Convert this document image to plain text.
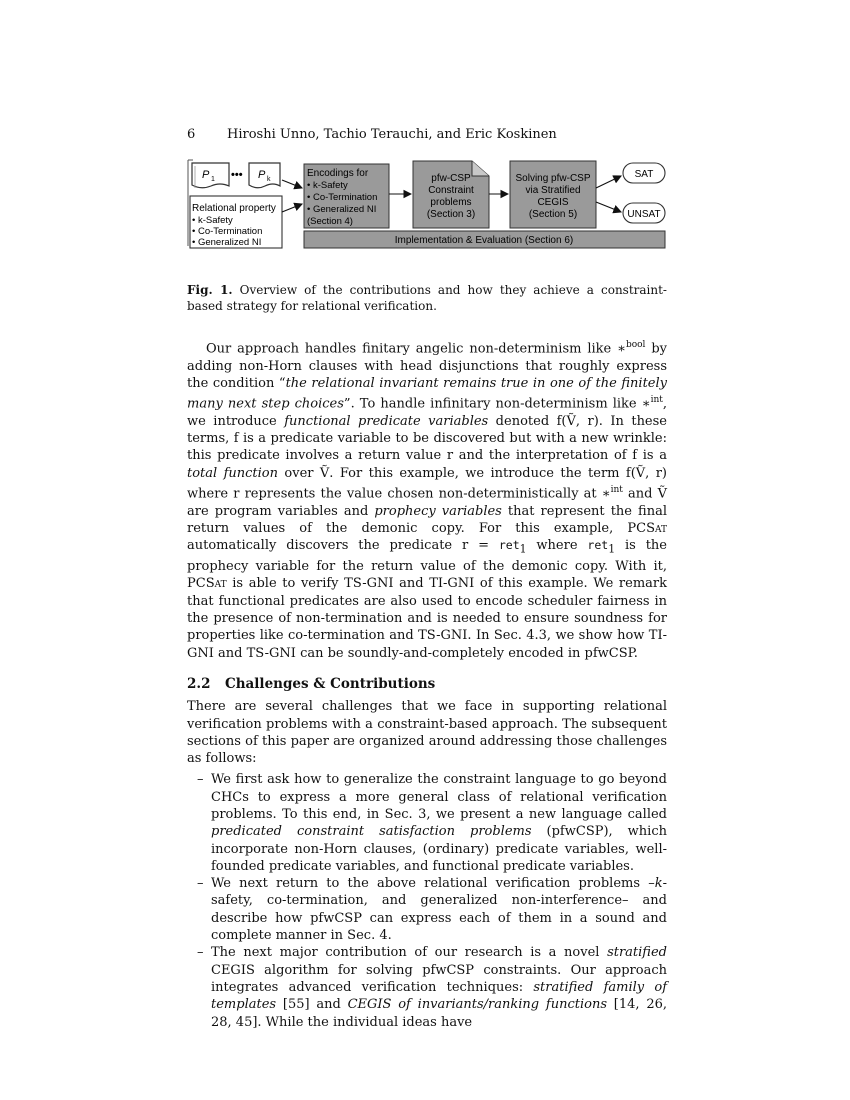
6 Hiroshi Unno, Tachio Terauchi, and Eric Koskinen
P 1 ••• P k
Relational property
• k-Safety
• Co-Termination
• Generalized NI
Encodings for
• k-Safety
• Co-Termination
• Generalized NI
(Section 4)
pfw-CSP
Constraint
problems
(Section 3)
Solving pfw-CSP
via Stratified
CEGIS
(Section 5)
SAT
UNSAT
Implementation & Evaluation (Section 6)
Fig. 1. Overview of the contributions and how they achieve a constraint-based strategy for relational verification.

Our approach handles finitary angelic non-determinism like ∗$^{bool}$ by adding non-Horn clauses with head disjunctions that roughly express the condition “the relational invariant remains true in one of the finitely many next step choices”. To handle infinitary non-determinism like ∗$^{int}$, we introduce functional predicate variables denoted f(Ṽ, r). In these terms, f is a predicate variable to be discovered but with a new wrinkle: this predicate involves a return value r and the interpretation of f is a total function over Ṽ. For this example, we introduce the term f(Ṽ, r) where r represents the value chosen non-deterministically at ∗$^{int}$ and Ṽ are program variables and prophecy variables that represent the final return values of the demonic copy. For this example, PCSat automatically discovers the predicate r = ret$_1$ where ret$_1$ is the prophecy variable for the return value of the demonic copy. With it, PCSat is able to verify TS-GNI and TI-GNI of this example. We remark that functional predicates are also used to encode scheduler fairness in the presence of non-termination and is needed to ensure soundness for properties like co-termination and TS-GNI. In Sec. 4.3, we show how TI-GNI and TS-GNI can be soundly-and-completely encoded in pfwCSP.

2.2 Challenges & Contributions

There are several challenges that we face in supporting relational verification problems with a constraint-based approach. The subsequent sections of this paper are organized around addressing those challenges as follows:

– We first ask how to generalize the constraint language to go beyond CHCs to express a more general class of relational verification problems. To this end, in Sec. 3, we present a new language called predicated constraint satisfaction problems (pfwCSP), which incorporate non-Horn clauses, (ordinary) predicate variables, well-founded predicate variables, and functional predicate variables.
– We next return to the above relational verification problems –k-safety, co-termination, and generalized non-interference– and describe how pfwCSP can express each of them in a sound and complete manner in Sec. 4.
– The next major contribution of our research is a novel stratified CEGIS algorithm for solving pfwCSP constraints. Our approach integrates advanced verification techniques: stratified family of templates [55] and CEGIS of invariants/ranking functions [14, 26, 28, 45]. While the individual ideas have
